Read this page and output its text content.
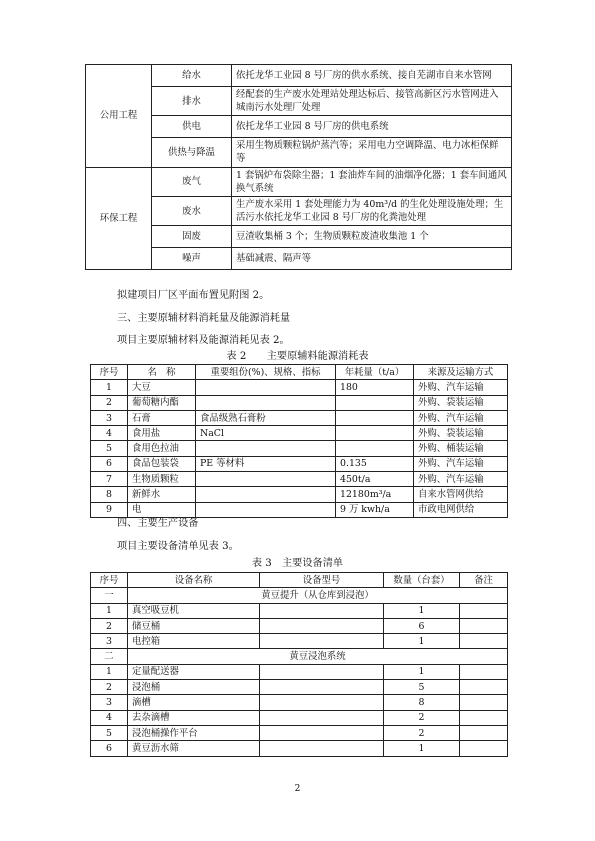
公用工程	给水	依托龙华工业园 8 号厂房的供水系统、接自芜湖市自来水管网
	排水	经配套的生产废水处理站处理达标后、接管高新区污水管网进入城南污水处理厂处理
	供电	依托龙华工业园 8 号厂房的供电系统
	供热与降温	采用生物质颗粒锅炉蒸汽等；采用电力空调降温、电力冰柜保鲜等
环保工程	废气	1 套锅炉布袋除尘器；1 套油炸车间的油烟净化器；1 套车间通风换气系统
	废水	生产废水采用 1 套处理能力为 40m³/d 的生化处理设施处理；生活污水依托龙华工业园 8 号厂房的化粪池处理
	固废	豆渣收集桶 3 个；生物质颗粒废渣收集池 1 个
	噪声	基础减震、隔声等
拟建项目厂区平面布置见附图 2。
三、主要原辅材料消耗量及能源消耗量
项目主要原辅材料及能源消耗见表 2。
表 2　　主要原辅料能源消耗表
序号	名　称	重要组份(%)、规格、指标	年耗量（t/a）	来源及运输方式
1	大豆		180	外购、汽车运输
2	葡萄糖内酯			外购、袋装运输
3	石膏	食品级熟石膏粉		外购、汽车运输
4	食用盐	NaCl		外购、袋装运输
5	食用色拉油			外购、桶装运输
6	食品包装袋	PE 等材料	0.135	外购、汽车运输
7	生物质颗粒		450t/a	外购、汽车运输
8	新鲜水		12180m³/a	自来水管网供给
9	电		9 万 kwh/a	市政电网供给
四、主要生产设备
项目主要设备清单见表 3。
表 3　主要设备清单
序号	设备名称	设备型号	数量（台套）	备注
一	黄豆提升（从仓库到浸泡）			
1	真空吸豆机		1	
2	储豆桶		6	
3	电控箱		1	
二	黄豆浸泡系统			
1	定量配送器		1	
2	浸泡桶		5	
3	滴槽		8	
4	去杂滴槽		2	
5	浸泡桶操作平台		2	
6	黄豆沥水筛		1	
2
